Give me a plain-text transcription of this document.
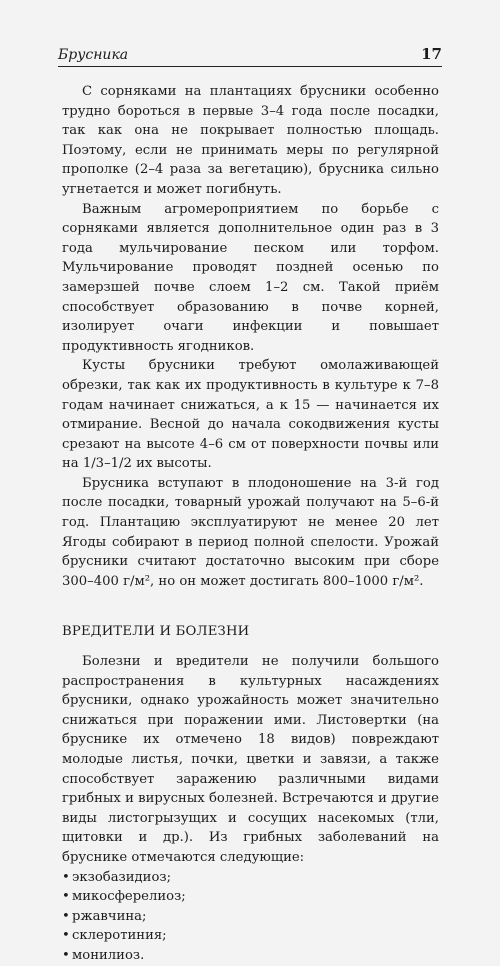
Брусника	17

С сорняками на плантациях брусники особенно трудно бороться в первые 3–4 года после посадки, так как она не покрывает полностью площадь. Поэтому, если не принимать меры по регулярной прополке (2–4 раза за вегетацию), брусника сильно угнетается и может погибнуть.

Важным агромероприятием по борьбе с сорняками является дополнительное один раз в 3 года мульчирование песком или торфом. Мульчирование проводят поздней осенью по замерзшей почве слоем 1–2 см. Такой приём способствует образованию в почве корней, изолирует очаги инфекции и повышает продуктивность ягодников.

Кусты брусники требуют омолаживающей обрезки, так как их продуктивность в культуре к 7–8 годам начинает снижаться, а к 15 — начинается их отмирание. Весной до начала сокодвижения кусты срезают на высоте 4–6 см от поверхности почвы или на 1/3–1/2 их высоты.

Брусника вступают в плодоношение на 3-й год после посадки, товарный урожай получают на 5–6-й год. Плантацию эксплуатируют не менее 20 лет Ягоды собирают в период полной спелости. Урожай брусники считают достаточно высоким при сборе 300–400 г/м², но он может достигать 800–1000 г/м².

ВРЕДИТЕЛИ И БОЛЕЗНИ

Болезни и вредители не получили большого распространения в культурных насаждениях брусники, однако урожайность может значительно снижаться при поражении ими. Листовертки (на бруснике их отмечено 18 видов) повреждают молодые листья, почки, цветки и завязи, а также способствует заражению различными видами грибных и вирусных болезней. Встречаются и другие виды листогрызущих и сосущих насекомых (тли, щитовки и др.). Из грибных заболеваний на бруснике отмечаются следующие:

• экзобазидиоз;
• микосферелиоз;
• ржавчина;
• склеротиния;
• монилиоз.
